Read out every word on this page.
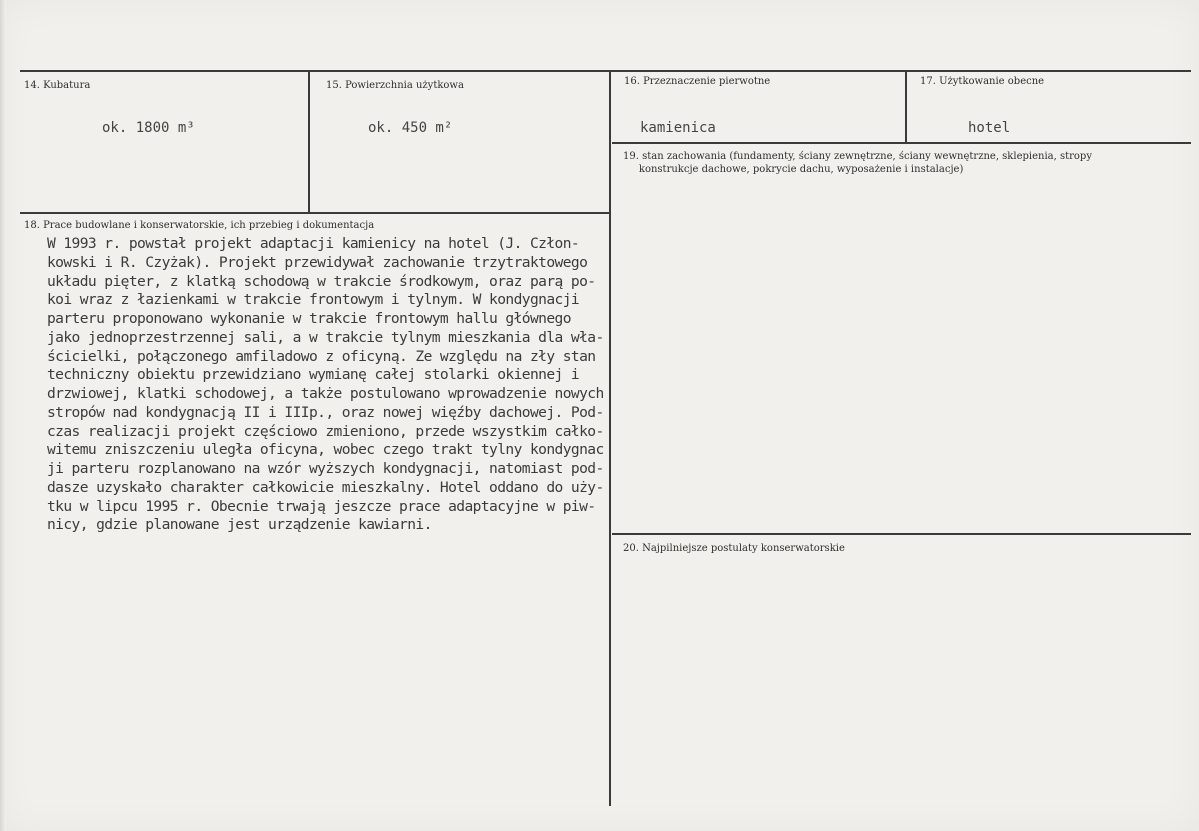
14. Kubatura
ok. 1800 m³
15. Powierzchnia użytkowa
ok. 450 m²
16. Przeznaczenie pierwotne
kamienica
17. Użytkowanie obecne
hotel
18. Prace budowlane i konserwatorskie, ich przebieg i dokumentacja
W 1993 r. powstał projekt adaptacji kamienicy na hotel (J. Człon-
kowski i R. Czyżak). Projekt przewidywał zachowanie trzytraktowego
układu pięter, z klatką schodową w trakcie środkowym, oraz parą po-
koi wraz z łazienkami w trakcie frontowym i tylnym. W kondygnacji
parteru proponowano wykonanie w trakcie frontowym hallu głównego
jako jednoprzestrzennej sali, a w trakcie tylnym mieszkania dla wła-
ścicielki, połączonego amfiladowo z oficyną. Ze względu na zły stan
techniczny obiektu przewidziano wymianę całej stolarki okiennej i
drzwiowej, klatki schodowej, a także postulowano wprowadzenie nowych
stropów nad kondygnacją II i IIIp., oraz nowej więźby dachowej. Pod-
czas realizacji projekt częściowo zmieniono, przede wszystkim całko-
witemu zniszczeniu uległa oficyna, wobec czego trakt tylny kondygnac
ji parteru rozplanowano na wzór wyższych kondygnacji, natomiast pod-
dasze uzyskało charakter całkowicie mieszkalny. Hotel oddano do uży-
tku w lipcu 1995 r. Obecnie trwają jeszcze prace adaptacyjne w piw-
nicy, gdzie planowane jest urządzenie kawiarni.
19. stan zachowania (fundamenty, ściany zewnętrzne, ściany wewnętrzne, sklepienia, stropy
konstrukcje dachowe, pokrycie dachu, wyposażenie i instalacje)
20. Najpilniejsze postulaty konserwatorskie
